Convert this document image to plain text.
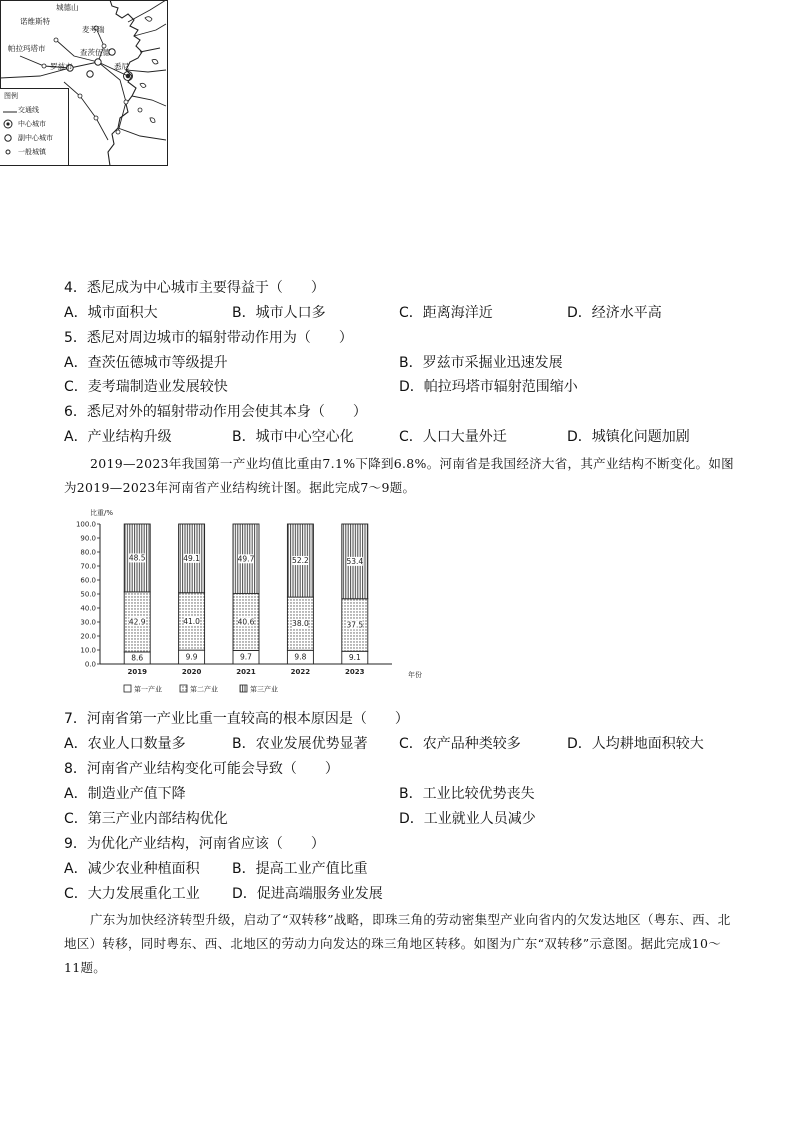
城德山
诺维斯特
麦考瑞
帕拉玛塔市	查茨伍德
罗兹市	悉尼
图例
交通线
中心城市
副中心城市
一般城镇
4．悉尼成为中心城市主要得益于（　　）
A．城市面积大	B．城市人口多	C．距离海洋近	D．经济水平高
5．悉尼对周边城市的辐射带动作用为（　　）
A．查茨伍德城市等级提升	B．罗兹市采掘业迅速发展
C．麦考瑞制造业发展较快	D．帕拉玛塔市辐射范围缩小
6．悉尼对外的辐射带动作用会使其本身（　　）
A．产业结构升级	B．城市中心空心化	C．人口大量外迁	D．城镇化问题加剧
2019—2023年我国第一产业均值比重由7.1%下降到6.8%。河南省是我国经济大省，其产业结构不断变化。如图为2019—2023年河南省产业结构统计图。据此完成7～9题。
比重/%
年份
0.0
10.0
20.0
30.0
40.0
50.0
60.0
70.0
80.0
90.0
100.0
8.6
42.9
48.5
2019
9.9
41.0
49.1
2020
9.7
40.6
49.7
2021
9.8
38.0
52.2
2022
9.1
37.5
53.4
2023
第一产业	第二产业	第三产业
7．河南省第一产业比重一直较高的根本原因是（　　）
A．农业人口数量多	B．农业发展优势显著 C．农产品种类较多	D．人均耕地面积较大
8．河南省产业结构变化可能会导致（　　）
A．制造业产值下降	B．工业比较优势丧失
C．第三产业内部结构优化	D．工业就业人员减少
9．为优化产业结构，河南省应该（　　）
A．减少农业种植面积 B．提高工业产值比重
C．大力发展重化工业 D．促进高端服务业发展
广东为加快经济转型升级，启动了“双转移”战略，即珠三角的劳动密集型产业向省内的欠发达地区（粤东、西、北地区）转移，同时粤东、西、北地区的劳动力向发达的珠三角地区转移。如图为广东“双转移”示意图。据此完成10～11题。
